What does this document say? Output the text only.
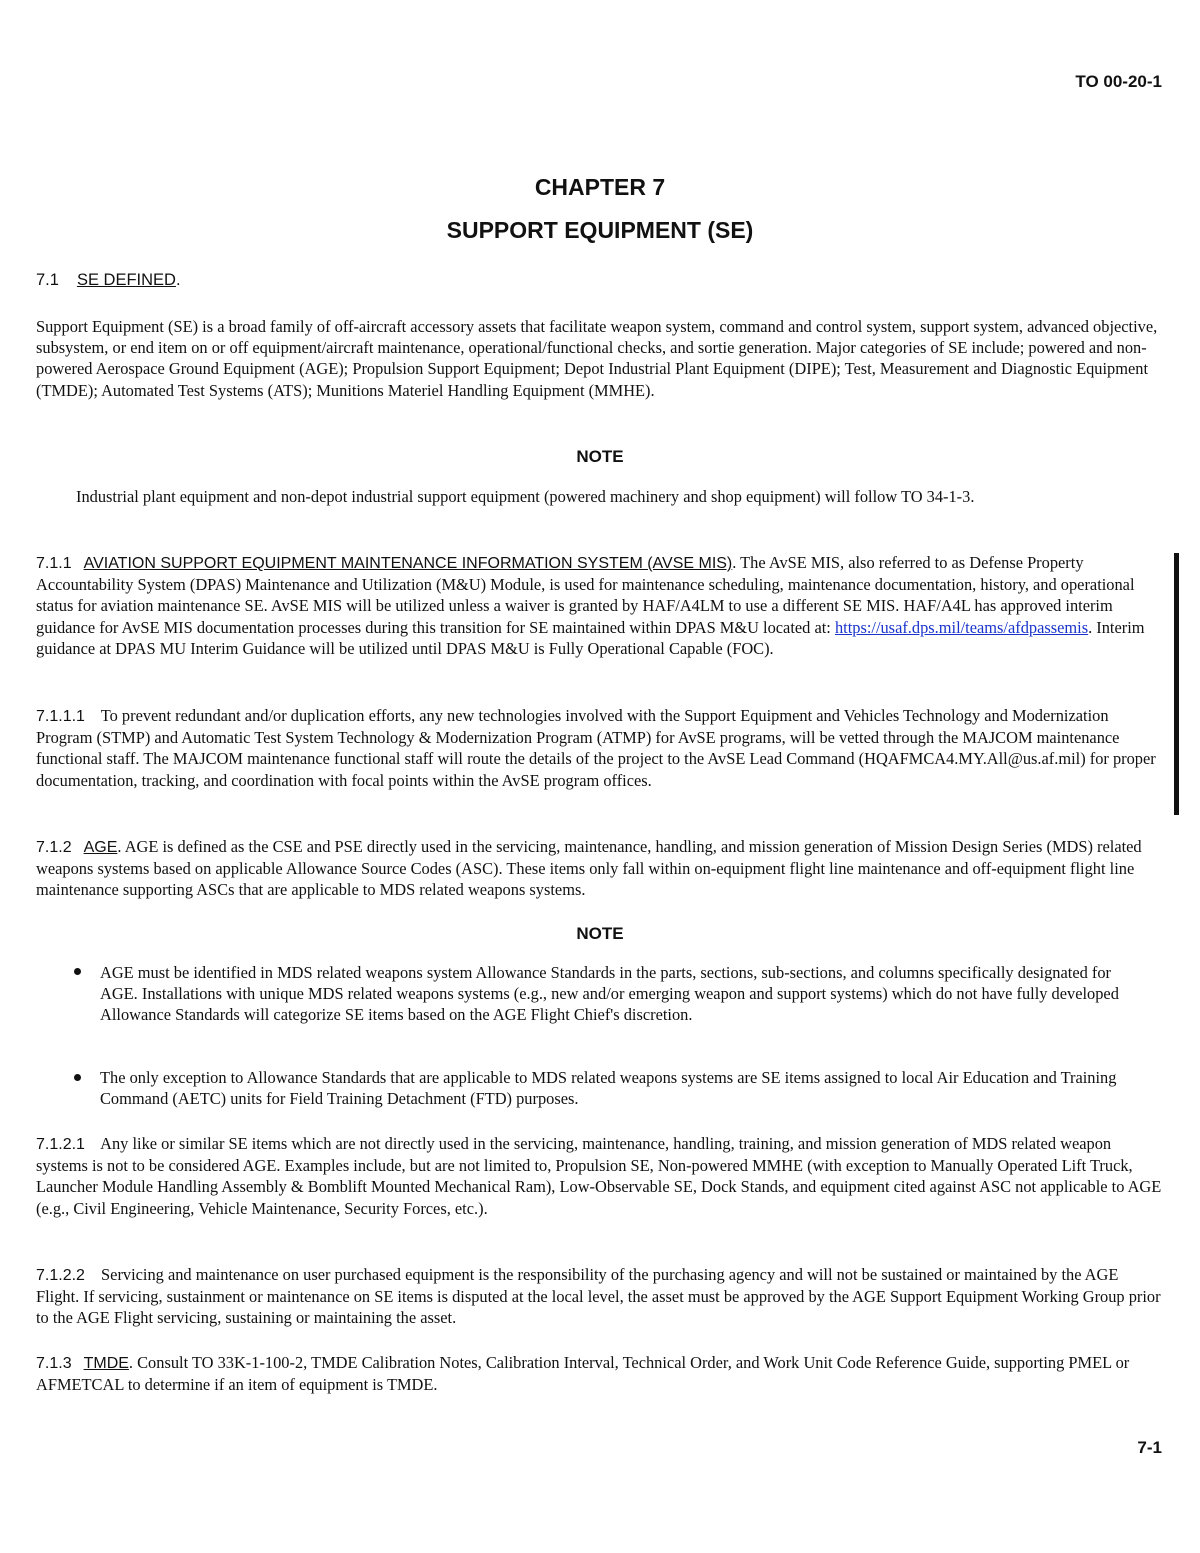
TO 00-20-1
CHAPTER 7
SUPPORT EQUIPMENT (SE)
7.1 SE DEFINED.
Support Equipment (SE) is a broad family of off-aircraft accessory assets that facilitate weapon system, command and control system, support system, advanced objective, subsystem, or end item on or off equipment/aircraft maintenance, operational/functional checks, and sortie generation. Major categories of SE include; powered and non-powered Aerospace Ground Equipment (AGE); Propulsion Support Equipment; Depot Industrial Plant Equipment (DIPE); Test, Measurement and Diagnostic Equipment (TMDE); Automated Test Systems (ATS); Munitions Materiel Handling Equipment (MMHE).
NOTE
Industrial plant equipment and non-depot industrial support equipment (powered machinery and shop equipment) will follow TO 34-1-3.
7.1.1 AVIATION SUPPORT EQUIPMENT MAINTENANCE INFORMATION SYSTEM (AVSE MIS). The AvSE MIS, also referred to as Defense Property Accountability System (DPAS) Maintenance and Utilization (M&U) Module, is used for maintenance scheduling, maintenance documentation, history, and operational status for aviation maintenance SE. AvSE MIS will be utilized unless a waiver is granted by HAF/A4LM to use a different SE MIS. HAF/A4L has approved interim guidance for AvSE MIS documentation processes during this transition for SE maintained within DPAS M&U located at: https://usaf.dps.mil/teams/afdpassemis. Interim guidance at DPAS MU Interim Guidance will be utilized until DPAS M&U is Fully Operational Capable (FOC).
7.1.1.1 To prevent redundant and/or duplication efforts, any new technologies involved with the Support Equipment and Vehicles Technology and Modernization Program (STMP) and Automatic Test System Technology & Modernization Program (ATMP) for AvSE programs, will be vetted through the MAJCOM maintenance functional staff. The MAJCOM maintenance functional staff will route the details of the project to the AvSE Lead Command (HQAFMCA4.MY.All@us.af.mil) for proper documentation, tracking, and coordination with focal points within the AvSE program offices.
7.1.2 AGE. AGE is defined as the CSE and PSE directly used in the servicing, maintenance, handling, and mission generation of Mission Design Series (MDS) related weapons systems based on applicable Allowance Source Codes (ASC). These items only fall within on-equipment flight line maintenance and off-equipment flight line maintenance supporting ASCs that are applicable to MDS related weapons systems.
NOTE
AGE must be identified in MDS related weapons system Allowance Standards in the parts, sections, sub-sections, and columns specifically designated for AGE. Installations with unique MDS related weapons systems (e.g., new and/or emerging weapon and support systems) which do not have fully developed Allowance Standards will categorize SE items based on the AGE Flight Chief's discretion.
The only exception to Allowance Standards that are applicable to MDS related weapons systems are SE items assigned to local Air Education and Training Command (AETC) units for Field Training Detachment (FTD) purposes.
7.1.2.1 Any like or similar SE items which are not directly used in the servicing, maintenance, handling, training, and mission generation of MDS related weapon systems is not to be considered AGE. Examples include, but are not limited to, Propulsion SE, Non-powered MMHE (with exception to Manually Operated Lift Truck, Launcher Module Handling Assembly & Bomblift Mounted Mechanical Ram), Low-Observable SE, Dock Stands, and equipment cited against ASC not applicable to AGE (e.g., Civil Engineering, Vehicle Maintenance, Security Forces, etc.).
7.1.2.2 Servicing and maintenance on user purchased equipment is the responsibility of the purchasing agency and will not be sustained or maintained by the AGE Flight. If servicing, sustainment or maintenance on SE items is disputed at the local level, the asset must be approved by the AGE Support Equipment Working Group prior to the AGE Flight servicing, sustaining or maintaining the asset.
7.1.3 TMDE. Consult TO 33K-1-100-2, TMDE Calibration Notes, Calibration Interval, Technical Order, and Work Unit Code Reference Guide, supporting PMEL or AFMETCAL to determine if an item of equipment is TMDE.
7-1
